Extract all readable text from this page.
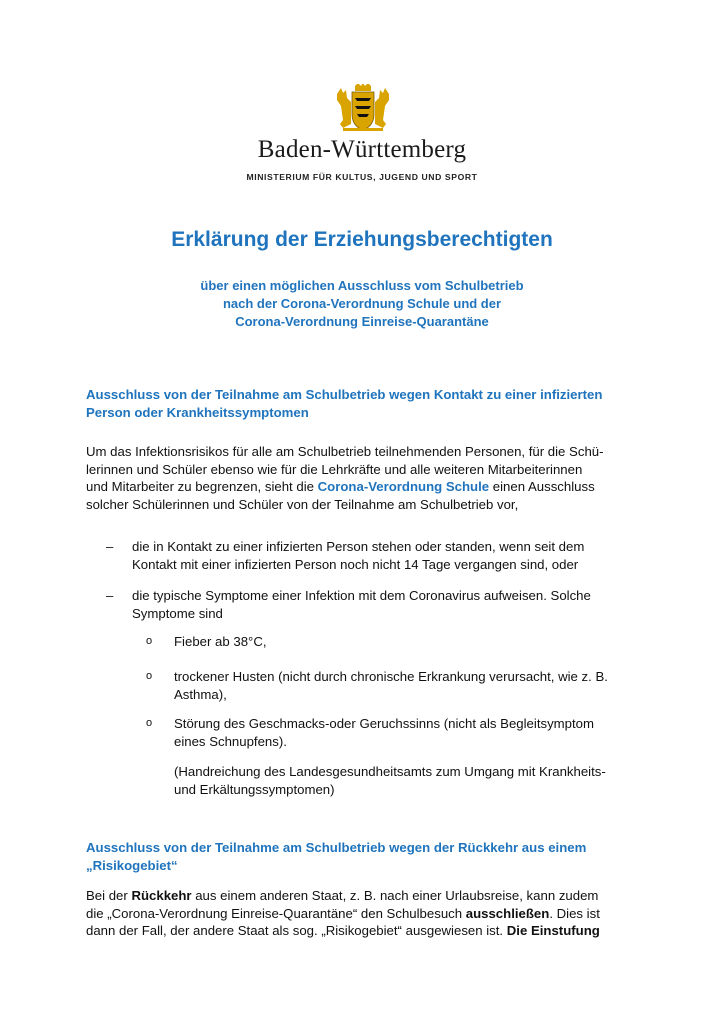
Baden-Württemberg
MINISTERIUM FÜR KULTUS, JUGEND UND SPORT
Erklärung der Erziehungsberechtigten
über einen möglichen Ausschluss vom Schulbetrieb
nach der Corona-Verordnung Schule und der
Corona-Verordnung Einreise-Quarantäne
Ausschluss von der Teilnahme am Schulbetrieb wegen Kontakt zu einer infizierten
Person oder Krankheitssymptomen
Um das Infektionsrisikos für alle am Schulbetrieb teilnehmenden Personen, für die Schü-
lerinnen und Schüler ebenso wie für die Lehrkräfte und alle weiteren Mitarbeiterinnen
und Mitarbeiter zu begrenzen, sieht die Corona-Verordnung Schule einen Ausschluss
solcher Schülerinnen und Schüler von der Teilnahme am Schulbetrieb vor,
– die in Kontakt zu einer infizierten Person stehen oder standen, wenn seit dem
Kontakt mit einer infizierten Person noch nicht 14 Tage vergangen sind, oder
– die typische Symptome einer Infektion mit dem Coronavirus aufweisen. Solche
Symptome sind
o Fieber ab 38°C,
o trockener Husten (nicht durch chronische Erkrankung verursacht, wie z. B.
Asthma),
o Störung des Geschmacks-oder Geruchssinns (nicht als Begleitsymptom
eines Schnupfens).
(Handreichung des Landesgesundheitsamts zum Umgang mit Krankheits-
und Erkältungssymptomen)
Ausschluss von der Teilnahme am Schulbetrieb wegen der Rückkehr aus einem
„Risikogebiet“
Bei der Rückkehr aus einem anderen Staat, z. B. nach einer Urlaubsreise, kann zudem
die „Corona-Verordnung Einreise-Quarantäne“ den Schulbesuch ausschließen. Dies ist
dann der Fall, der andere Staat als sog. „Risikogebiet“ ausgewiesen ist. Die Einstufung
